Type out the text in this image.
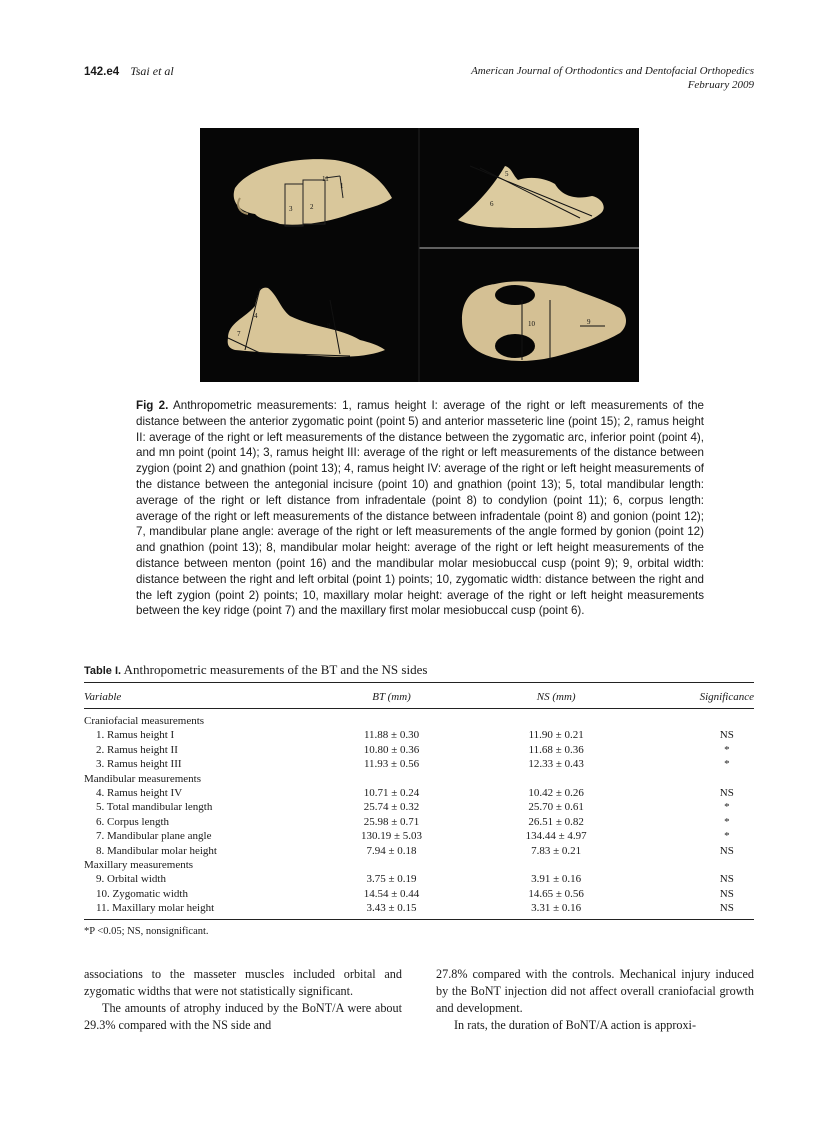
142.e4 Tsai et al	American Journal of Orthodontics and Dentofacial Orthopedics
February 2009
3	2
11
1
5
6
4
7
8	10	9
Fig 2. Anthropometric measurements: 1, ramus height I: average of the right or left measurements of the distance between the anterior zygomatic point (point 5) and anterior masseteric line (point 15); 2, ramus height II: average of the right or left measurements of the distance between the zygomatic arc, inferior point (point 4), and mn point (point 14); 3, ramus height III: average of the right or left measurements of the distance between zygion (point 2) and gnathion (point 13); 4, ramus height IV: average of the right or left height measurements of the distance between the antegonial incisure (point 10) and gnathion (point 13); 5, total mandibular length: average of the right or left distance from infradentale (point 8) to condylion (point 11); 6, corpus length: average of the right or left measurements of the distance between infradentale (point 8) and gonion (point 12); 7, mandibular plane angle: average of the right or left measurements of the angle formed by gonion (point 12) and gnathion (point 13); 8, mandibular molar height: average of the right or left height measurements of the distance between menton (point 16) and the mandibular molar mesiobuccal cusp (point 9); 9, orbital width: distance between the right and left orbital (point 1) points; 10, zygomatic width: distance between the right and the left zygion (point 2) points; 10, maxillary molar height: average of the right or left height measurements between the key ridge (point 7) and the maxillary first molar mesiobuccal cusp (point 6).
Table I. Anthropometric measurements of the BT and the NS sides
Variable	BT (mm)	NS (mm)	Significance

Craniofacial measurements			
1. Ramus height I	11.88 ± 0.30	11.90 ± 0.21	NS
2. Ramus height II	10.80 ± 0.36	11.68 ± 0.36	*
3. Ramus height III	11.93 ± 0.56	12.33 ± 0.43	*
Mandibular measurements			
4. Ramus height IV	10.71 ± 0.24	10.42 ± 0.26	NS
5. Total mandibular length	25.74 ± 0.32	25.70 ± 0.61	*
6. Corpus length	25.98 ± 0.71	26.51 ± 0.82	*
7. Mandibular plane angle	130.19 ± 5.03	134.44 ± 4.97	*
8. Mandibular molar height	7.94 ± 0.18	7.83 ± 0.21	NS
Maxillary measurements			
9. Orbital width	3.75 ± 0.19	3.91 ± 0.16	NS
10. Zygomatic width	14.54 ± 0.44	14.65 ± 0.56	NS
11. Maxillary molar height	3.43 ± 0.15	3.31 ± 0.16	NS
*P <0.05; NS, nonsignificant.

associations to the masseter muscles included orbital and zygomatic widths that were not statistically significant.

The amounts of atrophy induced by the BoNT/A were about 29.3% compared with the NS side and

27.8% compared with the controls. Mechanical injury induced by the BoNT injection did not affect overall craniofacial growth and development.

In rats, the duration of BoNT/A action is approxi-
